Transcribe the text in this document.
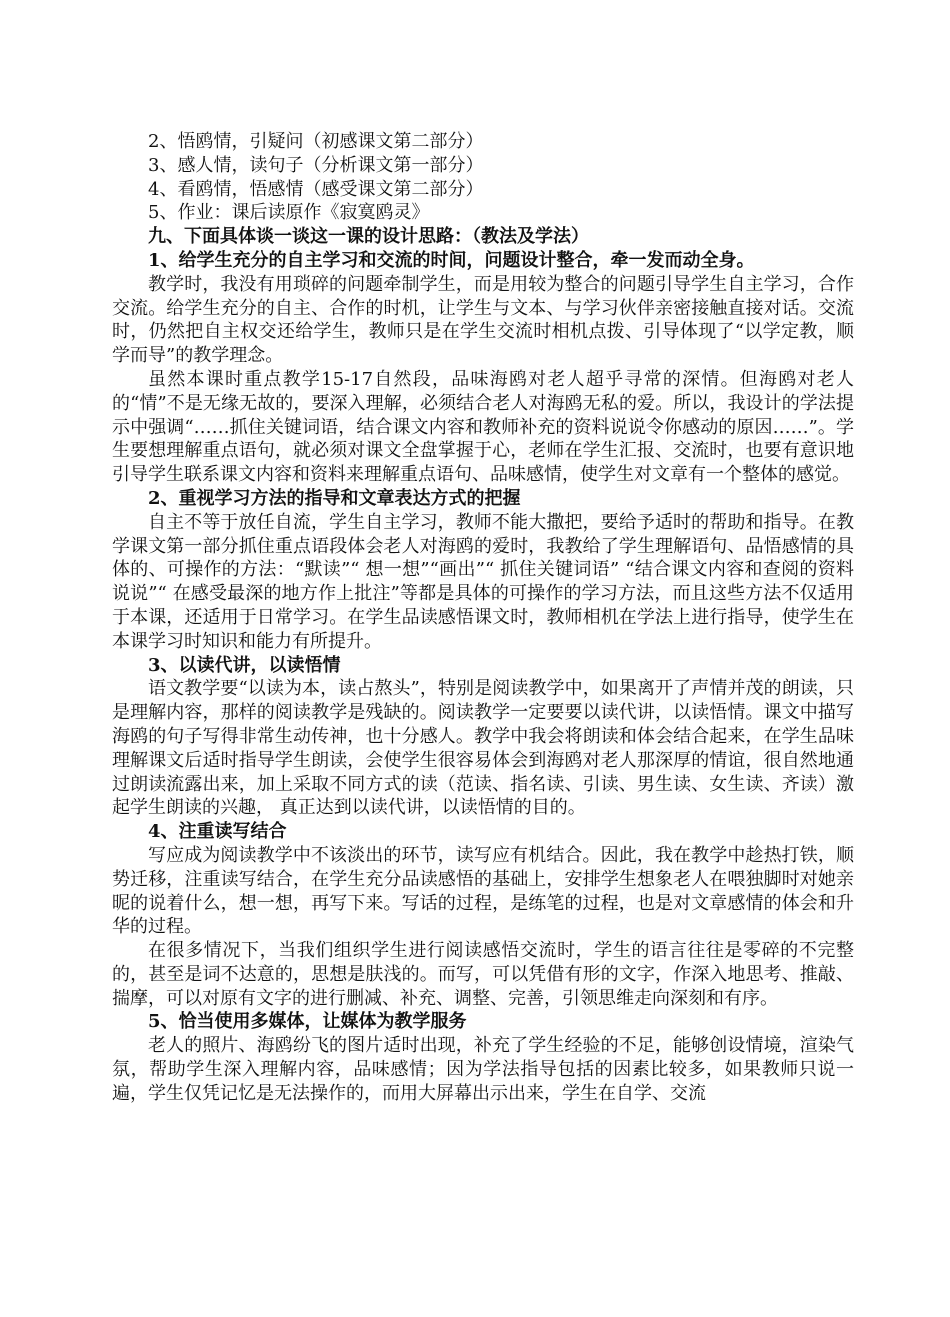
2、悟鸥情，引疑问（初感课文第二部分）
3、感人情，读句子（分析课文第一部分）
4、看鸥情，悟感情（感受课文第二部分）
5、作业：课后读原作《寂寞鸥灵》
九、下面具体谈一谈这一课的设计思路：（教法及学法）
1、给学生充分的自主学习和交流的时间，问题设计整合，牵一发而动全身。

教学时，我没有用琐碎的问题牵制学生，而是用较为整合的问题引导学生自主学习，合作交流。给学生充分的自主、合作的时机，让学生与文本、与学习伙伴亲密接触直接对话。交流时，仍然把自主权交还给学生，教师只是在学生交流时相机点拨、引导体现了“以学定教，顺学而导”的教学理念。

虽然本课时重点教学15-17自然段，品味海鸥对老人超乎寻常的深情。但海鸥对老人的“情”不是无缘无故的，要深入理解，必须结合老人对海鸥无私的爱。所以，我设计的学法提示中强调“……抓住关键词语，结合课文内容和教师补充的资料说说令你感动的原因……”。学生要想理解重点语句，就必须对课文全盘掌握于心，老师在学生汇报、交流时，也要有意识地引导学生联系课文内容和资料来理解重点语句、品味感情，使学生对文章有一个整体的感觉。

2、重视学习方法的指导和文章表达方式的把握

自主不等于放任自流，学生自主学习，教师不能大撒把，要给予适时的帮助和指导。在教学课文第一部分抓住重点语段体会老人对海鸥的爱时，我教给了学生理解语句、品悟感情的具体的、可操作的方法：“默读”“ 想一想”“画出”“ 抓住关键词语” “结合课文内容和查阅的资料说说”“ 在感受最深的地方作上批注”等都是具体的可操作的学习方法，而且这些方法不仅适用于本课，还适用于日常学习。在学生品读感悟课文时，教师相机在学法上进行指导，使学生在本课学习时知识和能力有所提升。

3、以读代讲，以读悟情

语文教学要“以读为本，读占熬头”，特别是阅读教学中，如果离开了声情并茂的朗读，只是理解内容，那样的阅读教学是残缺的。阅读教学一定要要以读代讲，以读悟情。课文中描写海鸥的句子写得非常生动传神，也十分感人。教学中我会将朗读和体会结合起来，在学生品味理解课文后适时指导学生朗读，会使学生很容易体会到海鸥对老人那深厚的情谊，很自然地通过朗读流露出来，加上采取不同方式的读（范读、指名读、引读、男生读、女生读、齐读）激起学生朗读的兴趣， 真正达到以读代讲，以读悟情的目的。

4、注重读写结合

写应成为阅读教学中不该淡出的环节，读写应有机结合。因此，我在教学中趁热打铁，顺势迁移，注重读写结合，在学生充分品读感悟的基础上，安排学生想象老人在喂独脚时对她亲昵的说着什么，想一想，再写下来。写话的过程，是练笔的过程，也是对文章感情的体会和升华的过程。

在很多情况下，当我们组织学生进行阅读感悟交流时，学生的语言往往是零碎的不完整的，甚至是词不达意的，思想是肤浅的。而写，可以凭借有形的文字，作深入地思考、推敲、揣摩，可以对原有文字的进行删减、补充、调整、完善，引领思维走向深刻和有序。

5、恰当使用多媒体，让媒体为教学服务

老人的照片、海鸥纷飞的图片适时出现，补充了学生经验的不足，能够创设情境，渲染气氛，帮助学生深入理解内容，品味感情；因为学法指导包括的因素比较多，如果教师只说一遍，学生仅凭记忆是无法操作的，而用大屏幕出示出来，学生在自学、交流
